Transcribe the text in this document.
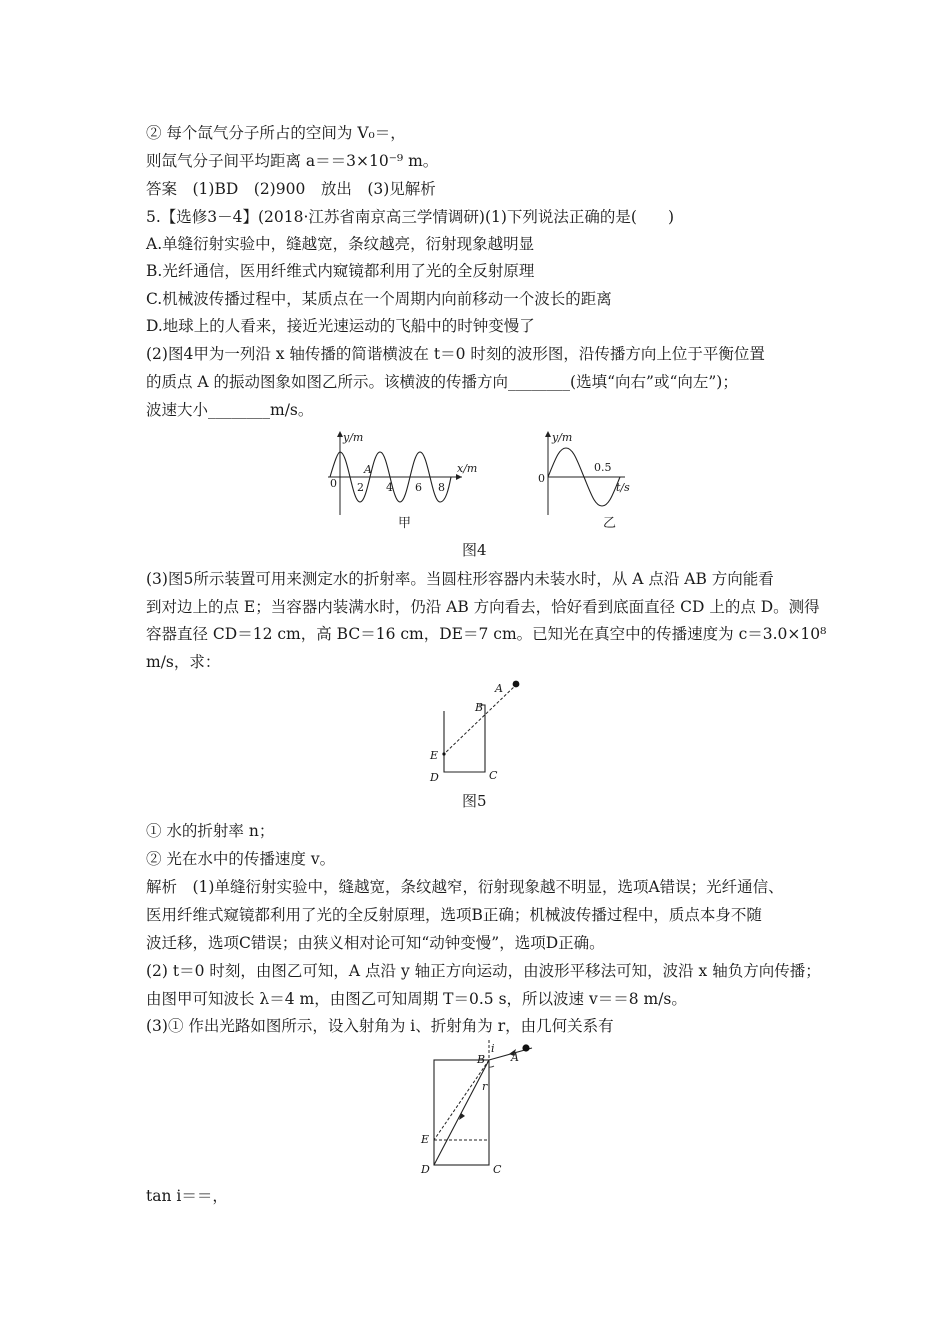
② 每个氙气分子所占的空间为 V₀＝，
则氙气分子间平均距离 a＝＝3×10⁻⁹ m。
答案　(1)BD　(2)900　放出　(3)见解析
5.【选修3－4】(2018·江苏省南京高三学情调研)(1)下列说法正确的是(　　)
A.单缝衍射实验中，缝越宽，条纹越亮，衍射现象越明显
B.光纤通信，医用纤维式内窥镜都利用了光的全反射原理
C.机械波传播过程中，某质点在一个周期内向前移动一个波长的距离
D.地球上的人看来，接近光速运动的飞船中的时钟变慢了
(2)图4甲为一列沿 x 轴传播的简谐横波在 t＝0 时刻的波形图，沿传播方向上位于平衡位置
的质点 A 的振动图象如图乙所示。该横波的传播方向________(选填“向右”或“向左”)；
波速大小________m/s。
y/m
x/m
0
A
2 4 6 8
甲
y/m
t/s
0
0.5
乙
图4
(3)图5所示装置可用来测定水的折射率。当圆柱形容器内未装水时，从 A 点沿 AB 方向能看
到对边上的点 E；当容器内装满水时，仍沿 AB 方向看去，恰好看到底面直径 CD 上的点 D。测得
容器直径 CD＝12 cm，高 BC＝16 cm，DE＝7 cm。已知光在真空中的传播速度为 c＝3.0×10⁸
m/s，求：
A
B
E
D	C
图5
① 水的折射率 n；
② 光在水中的传播速度 v。
解析　(1)单缝衍射实验中，缝越宽，条纹越窄，衍射现象越不明显，选项A错误；光纤通信、
医用纤维式窥镜都利用了光的全反射原理，选项B正确；机械波传播过程中，质点本身不随
波迁移，选项C错误；由狭义相对论可知“动钟变慢”，选项D正确。
(2) t＝0 时刻，由图乙可知，A 点沿 y 轴正方向运动，由波形平移法可知，波沿 x 轴负方向传播；
由图甲可知波长 λ＝4 m，由图乙可知周期 T＝0.5 s，所以波速 v＝＝8 m/s。
(3)① 作出光路如图所示，设入射角为 i、折射角为 r，由几何关系有
A
B
i
r
E
D	C
tan i＝＝，
